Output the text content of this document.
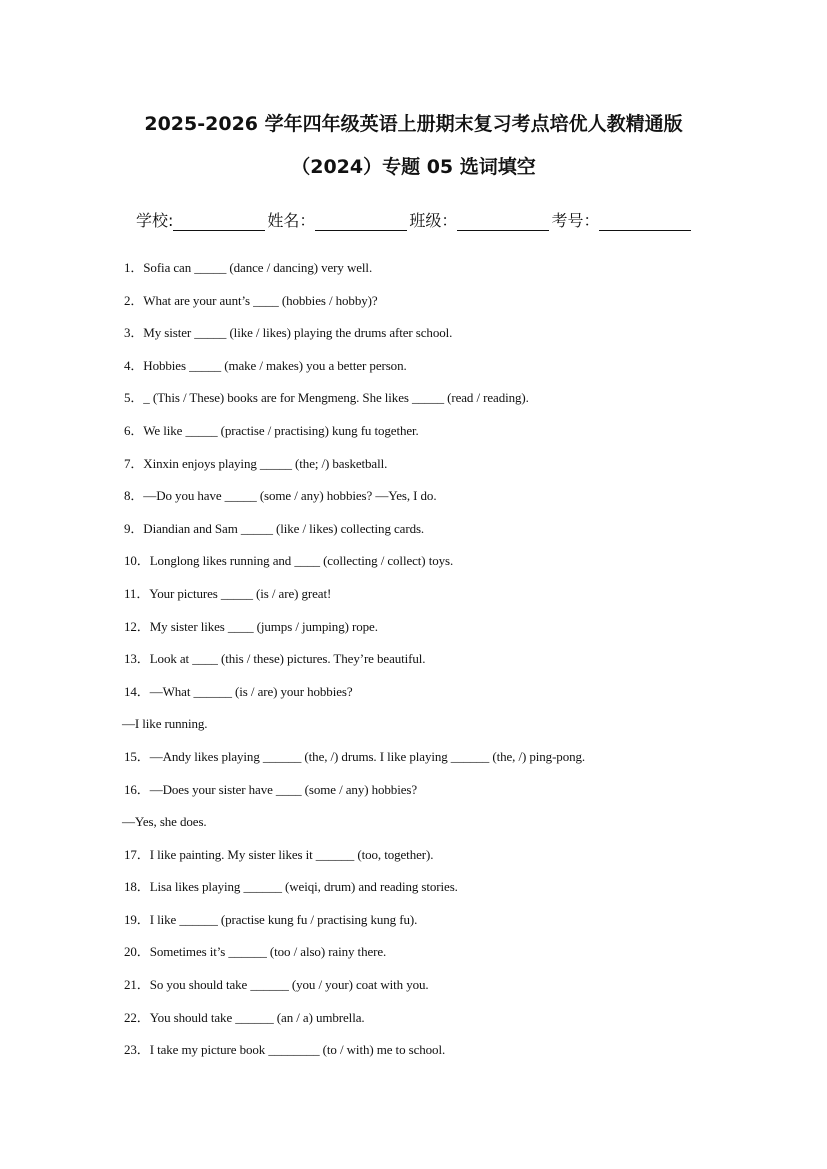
2025-2026 学年四年级英语上册期末复习考点培优人教精通版
（2024）专题 05 选词填空
学校:	姓名：	班级：	考号：
1．Sofia can _____ (dance / dancing) very well.
2．What are your aunt’s ____ (hobbies / hobby)?
3．My sister _____ (like / likes) playing the drums after school.
4．Hobbies _____ (make / makes) you a better person.
5．_ (This / These) books are for Mengmeng. She likes _____ (read / reading).
6．We like _____ (practise / practising) kung fu together.
7．Xinxin enjoys playing _____ (the; /) basketball.
8．—Do you have _____ (some / any) hobbies? —Yes, I do.
9．Diandian and Sam _____ (like / likes) collecting cards.
10．Longlong likes running and ____ (collecting / collect) toys.
11．Your pictures _____ (is / are) great!
12．My sister likes ____ (jumps / jumping) rope.
13．Look at ____ (this / these) pictures. They’re beautiful.
14．—What ______ (is / are) your hobbies?
—I like running.
15．—Andy likes playing ______ (the, /) drums. I like playing ______ (the, /) ping-pong.
16．—Does your sister have ____ (some / any) hobbies?
—Yes, she does.
17．I like painting. My sister likes it ______ (too, together).
18．Lisa likes playing ______ (weiqi, drum) and reading stories.
19．I like ______ (practise kung fu / practising kung fu).
20．Sometimes it’s ______ (too / also) rainy there.
21．So you should take ______ (you / your) coat with you.
22．You should take ______ (an / a) umbrella.
23．I take my picture book ________ (to / with) me to school.
